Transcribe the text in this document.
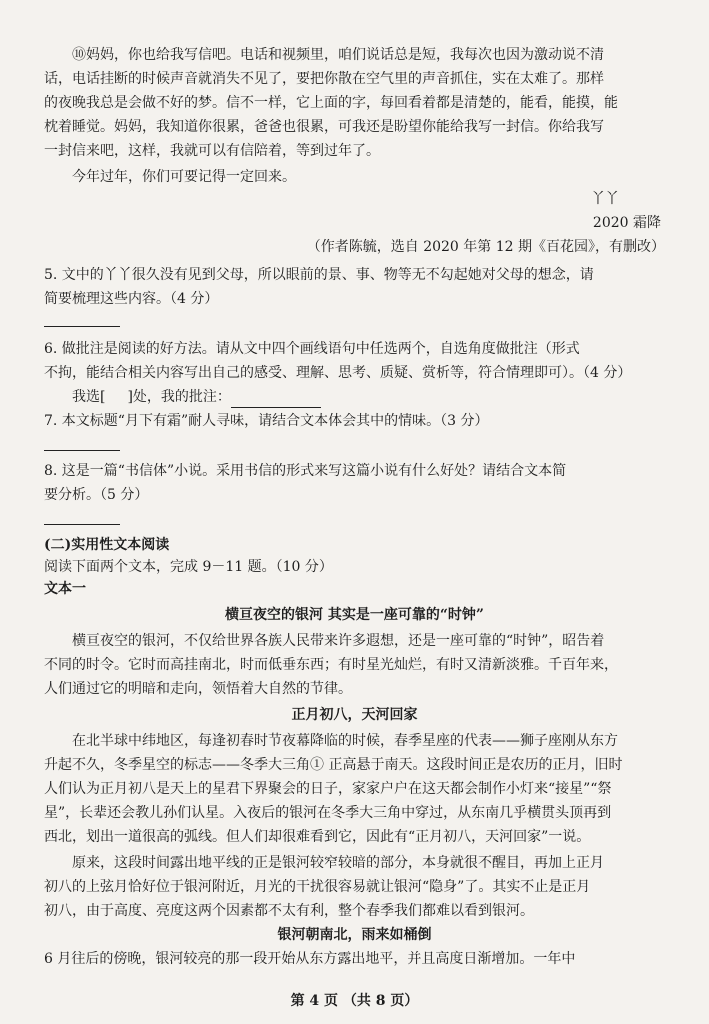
⑩妈妈，你也给我写信吧。电话和视频里，咱们说话总是短，我每次也因为激动说不清
话，电话挂断的时候声音就消失不见了，要把你散在空气里的声音抓住，实在太难了。那样
的夜晚我总是会做不好的梦。信不一样，它上面的字，每回看着都是清楚的，能看，能摸，能
枕着睡觉。妈妈，我知道你很累，爸爸也很累，可我还是盼望你能给我写一封信。你给我写
一封信来吧，这样，我就可以有信陪着，等到过年了。
今年过年，你们可要记得一定回来。
丫丫
2020 霜降
（作者陈毓，选自 2020 年第 12 期《百花园》，有删改）
5. 文中的丫丫很久没有见到父母，所以眼前的景、事、物等无不勾起她对父母的想念，请
简要梳理这些内容。（4 分）
6. 做批注是阅读的好方法。请从文中四个画线语句中任选两个，自选角度做批注（形式
不拘，能结合相关内容写出自己的感受、理解、思考、质疑、赏析等，符合情理即可）。（4 分）
我选[ ]处，我的批注：
7. 本文标题“月下有霜”耐人寻味，请结合文本体会其中的情味。（3 分）
8. 这是一篇“书信体”小说。采用书信的形式来写这篇小说有什么好处？请结合文本简
要分析。（5 分）
(二)实用性文本阅读
阅读下面两个文本，完成 9－11 题。（10 分）
文本一
横亘夜空的银河 其实是一座可靠的“时钟”
横亘夜空的银河，不仅给世界各族人民带来许多遐想，还是一座可靠的“时钟”，昭告着
不同的时令。它时而高挂南北，时而低垂东西；有时星光灿烂，有时又清新淡雅。千百年来，
人们通过它的明暗和走向，领悟着大自然的节律。
正月初八，天河回家
在北半球中纬地区，每逢初春时节夜幕降临的时候，春季星座的代表——狮子座刚从东方
升起不久，冬季星空的标志——冬季大三角① 正高悬于南天。这段时间正是农历的正月，旧时
人们认为正月初八是天上的星君下界聚会的日子，家家户户在这天都会制作小灯来“接星”“祭
星”，长辈还会教儿孙们认星。入夜后的银河在冬季大三角中穿过，从东南几乎横贯头顶再到
西北，划出一道很高的弧线。但人们却很难看到它，因此有“正月初八，天河回家”一说。
原来，这段时间露出地平线的正是银河较窄较暗的部分，本身就很不醒目，再加上正月
初八的上弦月恰好位于银河附近，月光的干扰很容易就让银河“隐身”了。其实不止是正月
初八，由于高度、亮度这两个因素都不太有利，整个春季我们都难以看到银河。
银河朝南北，雨来如桶倒
6 月往后的傍晚，银河较亮的那一段开始从东方露出地平，并且高度日渐增加。一年中
第 4 页 （共 8 页）
